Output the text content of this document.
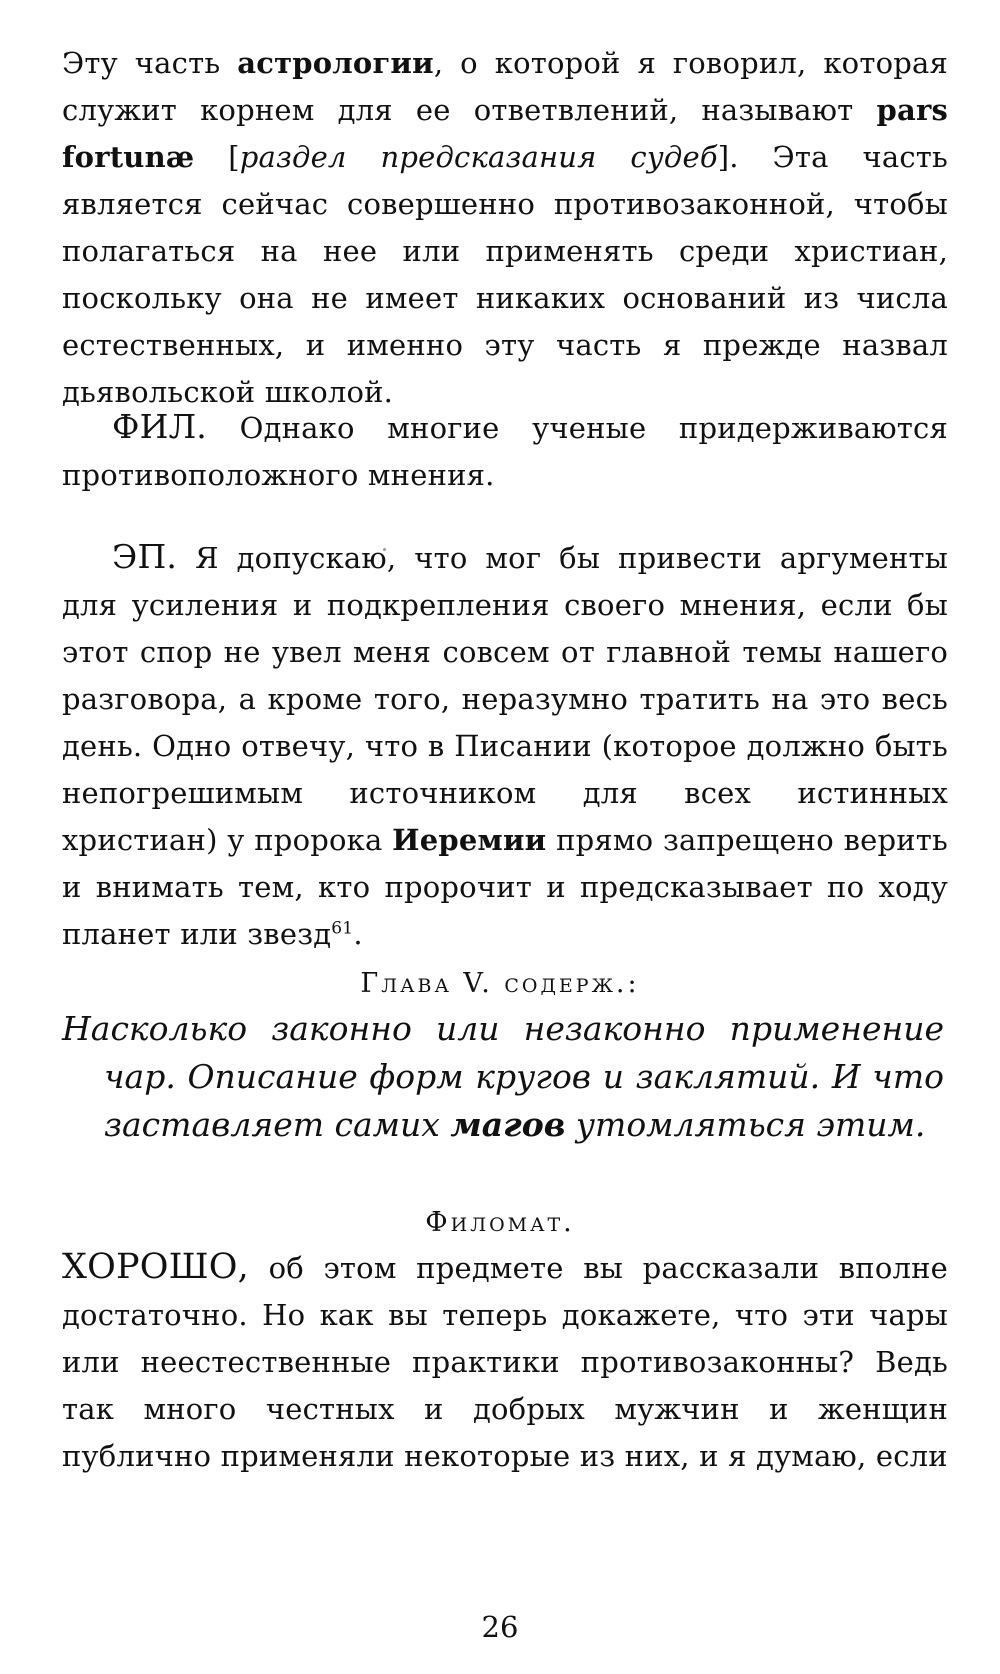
Эту часть астрологии, о которой я говорил, которая служит корнем для ее ответвлений, называют pars fortunæ [раздел предсказания судеб]. Эта часть является сейчас совершенно противозаконной, чтобы полагаться на нее или применять среди христиан, поскольку она не имеет никаких оснований из числа естественных, и именно эту часть я прежде назвал дьявольской школой.

ФИЛ. Однако многие ученые придерживаются противоположного мнения.

ЭП. Я допускаю, что мог бы привести аргументы для усиления и подкрепления своего мнения, если бы этот спор не увел меня совсем от главной темы нашего разговора, а кроме того, неразумно тратить на это весь день. Одно отвечу, что в Писании (которое должно быть непогрешимым источником для всех истинных христиан) у пророка Иеремии прямо запрещено верить и внимать тем, кто пророчит и предсказывает по ходу планет или звезд$^{61}$.

Глава V. содерж.:

Насколько законно или незаконно применение чар. Описание форм кругов и заклятий. И что заставляет самих магов утомляться этим.

Филомат.

ХОРОШО, об этом предмете вы рассказали вполне достаточно. Но как вы теперь докажете, что эти чары или неестественные практики противозаконны? Ведь так много честных и добрых мужчин и женщин публично применяли некоторые из них, и я думаю, если

26
